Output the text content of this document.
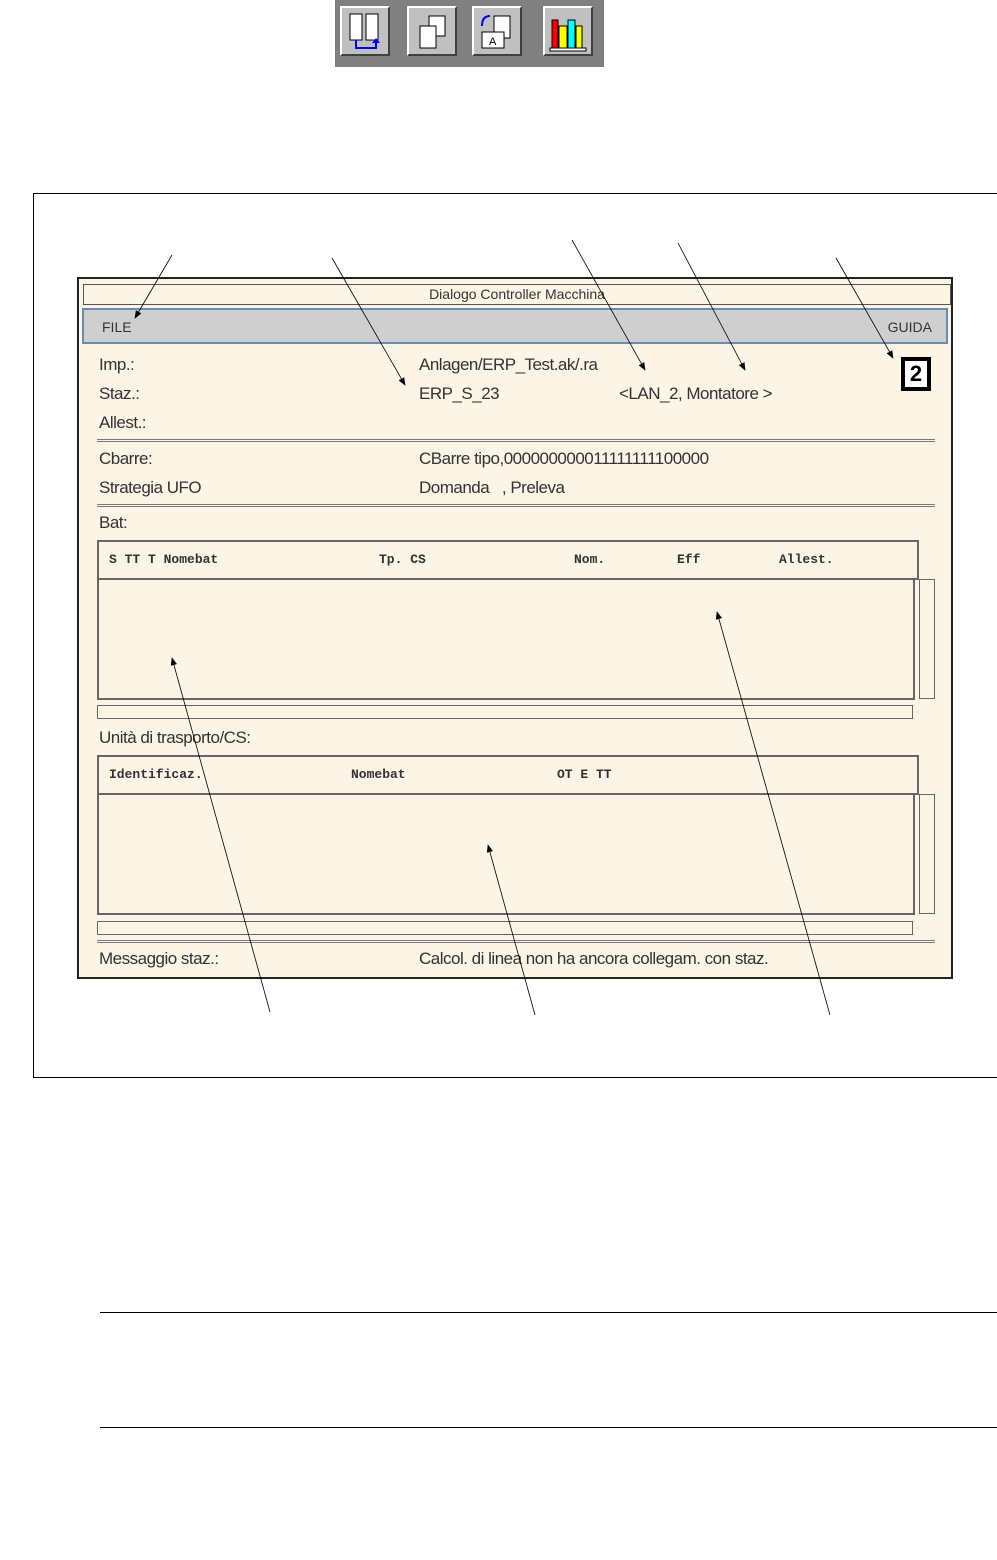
A
Dialogo Controller Macchina
FILE	GUIDA
2
Imp.:	Anlagen/ERP_Test.ak/.ra
Staz.:	ERP_S_23	<LAN_2, Montatore >
Allest.:
Cbarre:	CBarre tipo,000000000011111111100000
Strategia UFO	Domanda   , Preleva
Bat:
S TT T Nomebat	Tp. CS	Nom.	Eff	Allest.
Unità di trasporto/CS:
Identificaz.	Nomebat	OT E TT
Messaggio staz.:	Calcol. di linea non ha ancora collegam. con staz.
